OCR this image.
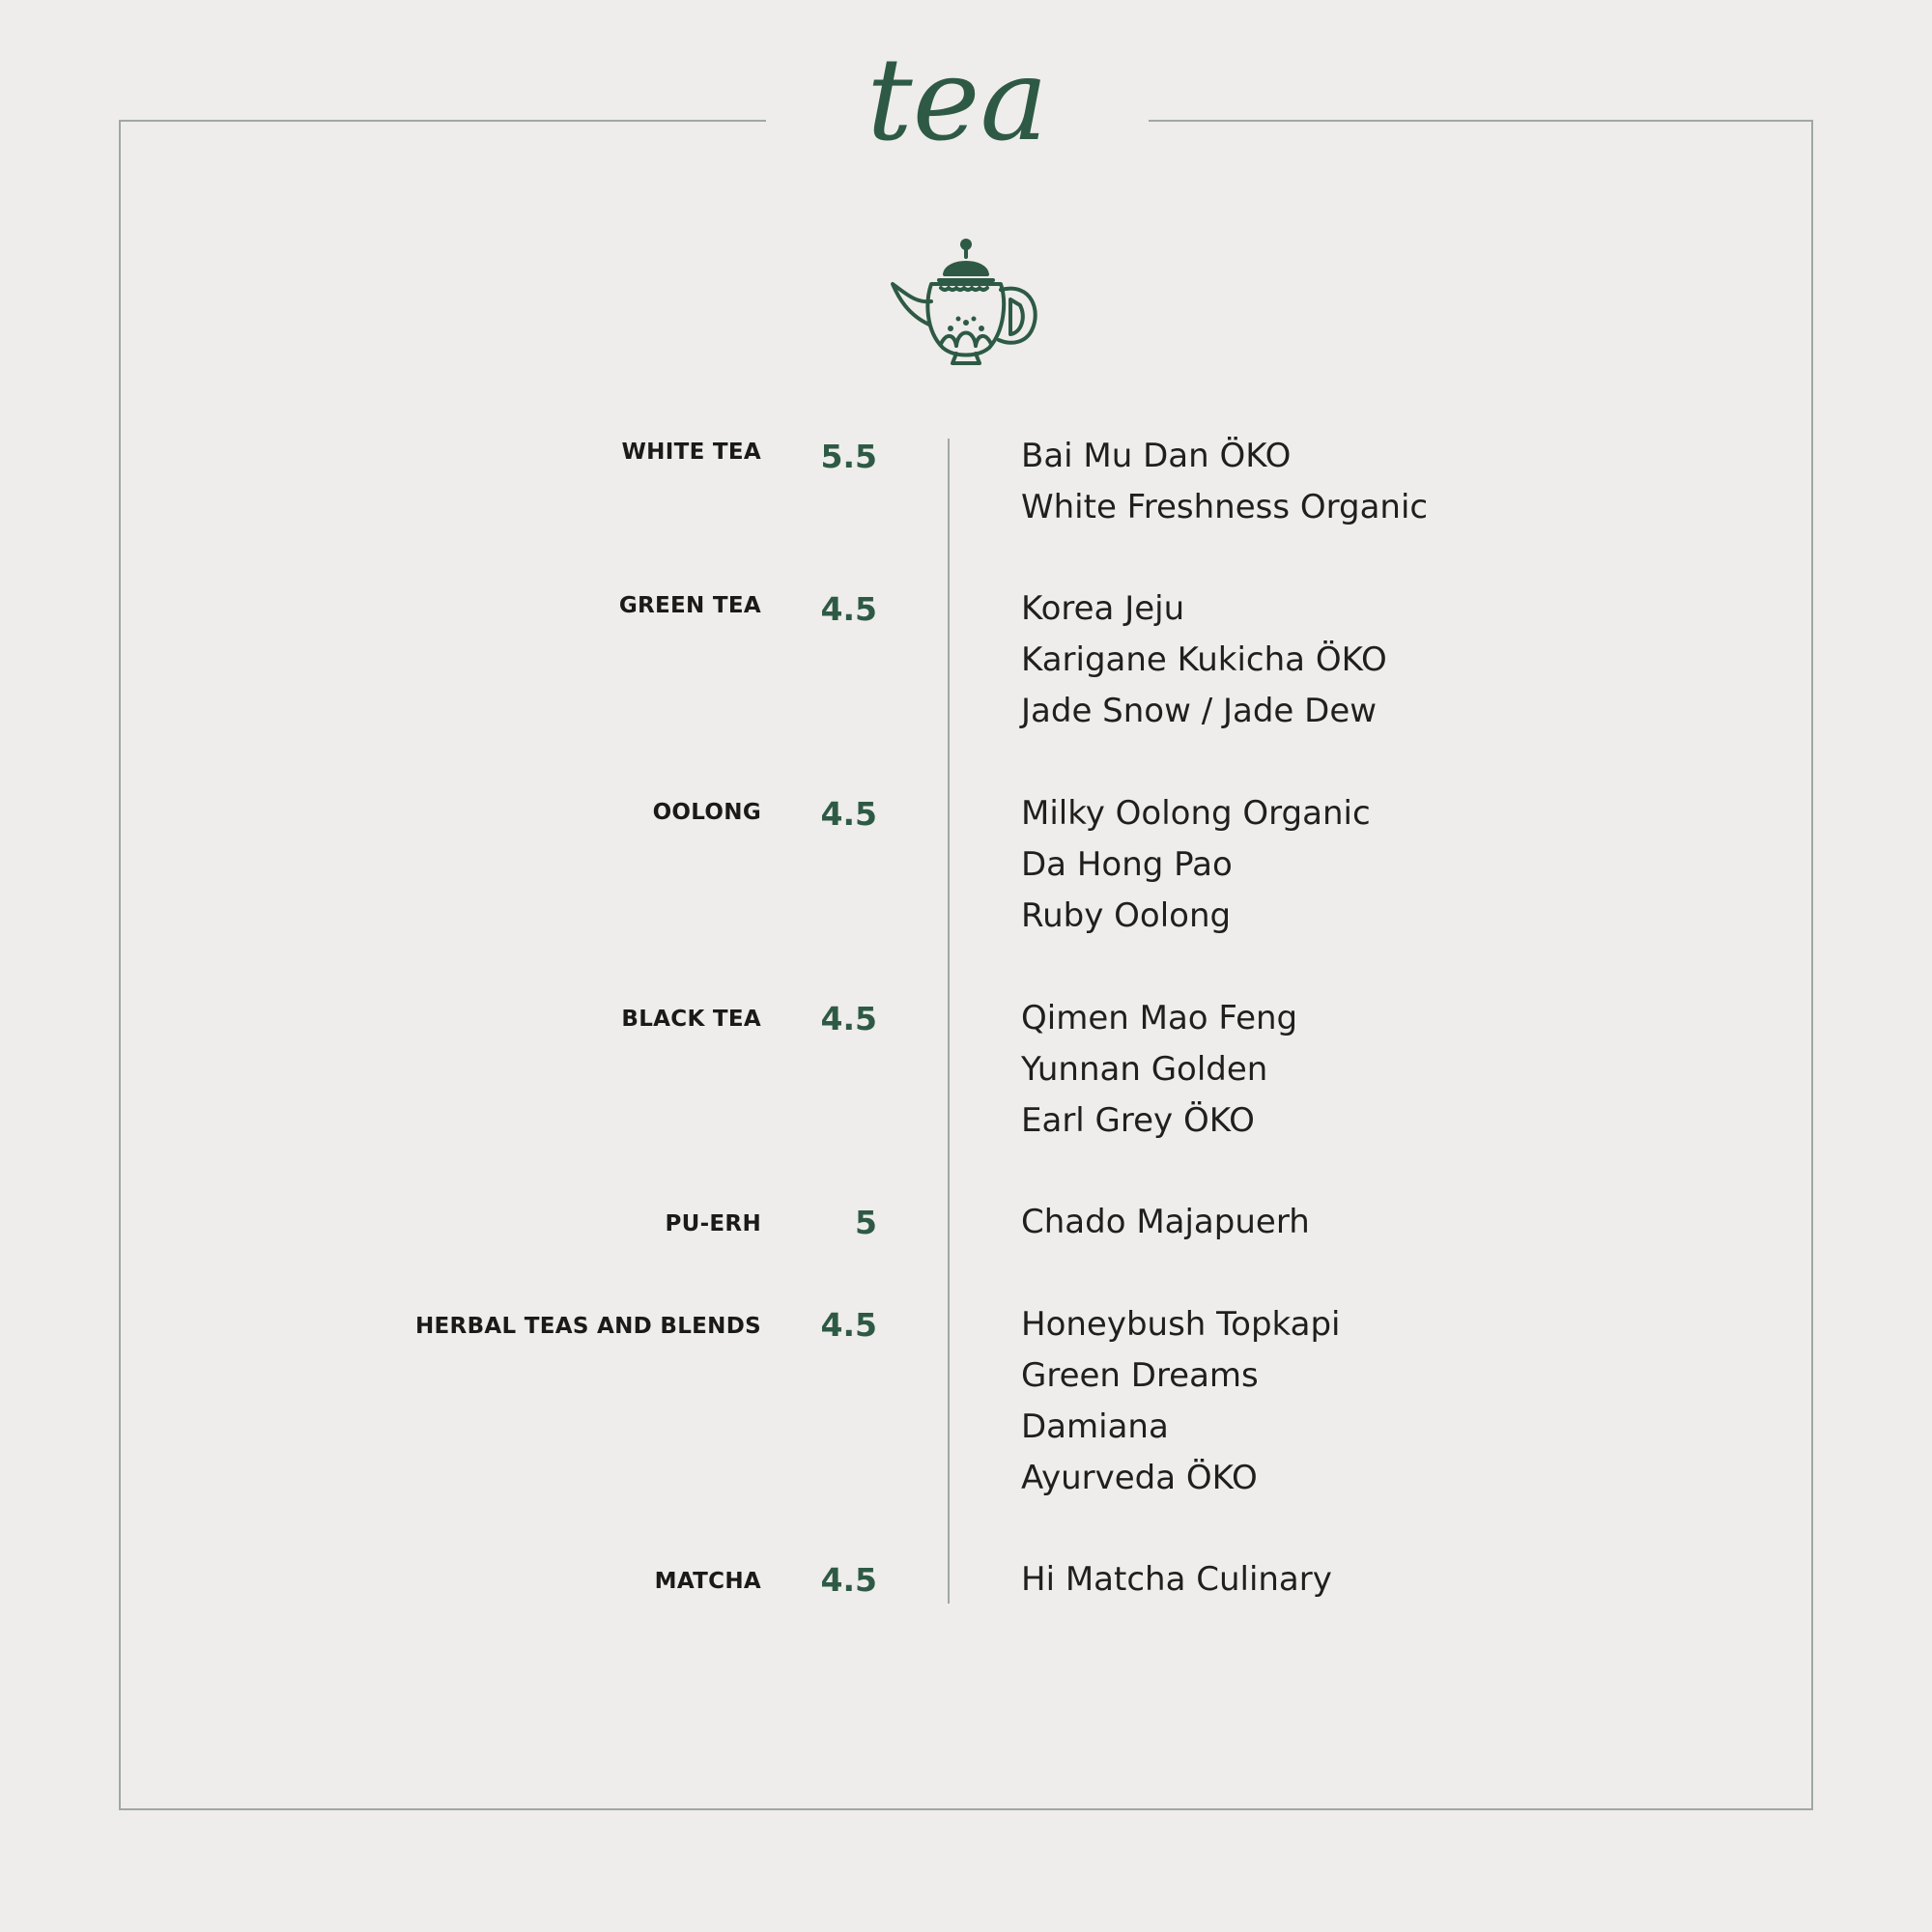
tea
WHITE TEA 5.5	Bai Mu Dan ÖKO
White Freshness Organic
GREEN TEA 4.5	Korea Jeju
Karigane Kukicha ÖKO
Jade Snow / Jade Dew
OOLONG 4.5	Milky Oolong Organic
Da Hong Pao
Ruby Oolong
BLACK TEA 4.5	Qimen Mao Feng
Yunnan Golden
Earl Grey ÖKO
PU-ERH	5	Chado Majapuerh
HERBAL TEAS AND BLENDS 4.5	Honeybush Topkapi
Green Dreams
Damiana
Ayurveda ÖKO
MATCHA 4.5	Hi Matcha Culinary
